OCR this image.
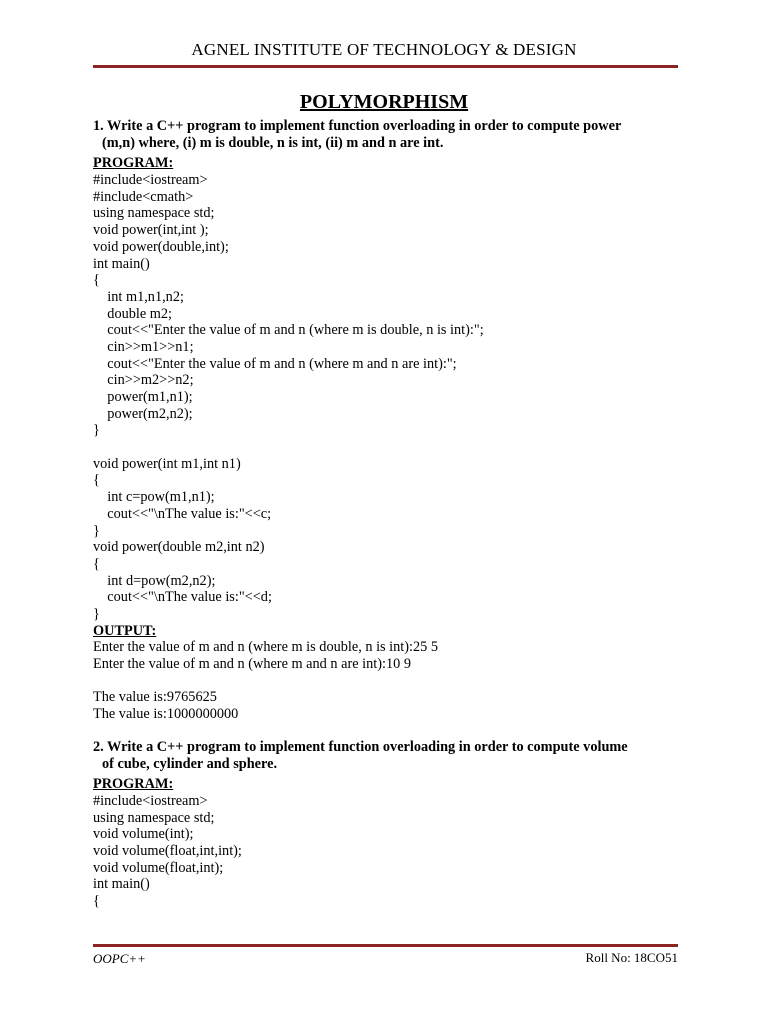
AGNEL INSTITUTE OF TECHNOLOGY & DESIGN
POLYMORPHISM
1. Write a C++ program to implement function overloading in order to compute power
(m,n) where, (i) m is double, n is int, (ii) m and n are int.
PROGRAM:
#include<iostream>
#include<cmath>
using namespace std;
void power(int,int );
void power(double,int);
int main()
{
int m1,n1,n2;
double m2;
cout<<"Enter the value of m and n (where m is double, n is int):";
cin>>m1>>n1;
cout<<"Enter the value of m and n (where m and n are int):";
cin>>m2>>n2;
power(m1,n1);
power(m2,n2);
}
void power(int m1,int n1)
{
int c=pow(m1,n1);
cout<<"\nThe value is:"<<c;
}
void power(double m2,int n2)
{
int d=pow(m2,n2);
cout<<"\nThe value is:"<<d;
}
OUTPUT:
Enter the value of m and n (where m is double, n is int):25 5
Enter the value of m and n (where m and n are int):10 9
The value is:9765625
The value is:1000000000
2. Write a C++ program to implement function overloading in order to compute volume
of cube, cylinder and sphere.
PROGRAM:
#include<iostream>
using namespace std;
void volume(int);
void volume(float,int,int);
void volume(float,int);
int main()
{
OOPC++	Roll No: 18CO51
